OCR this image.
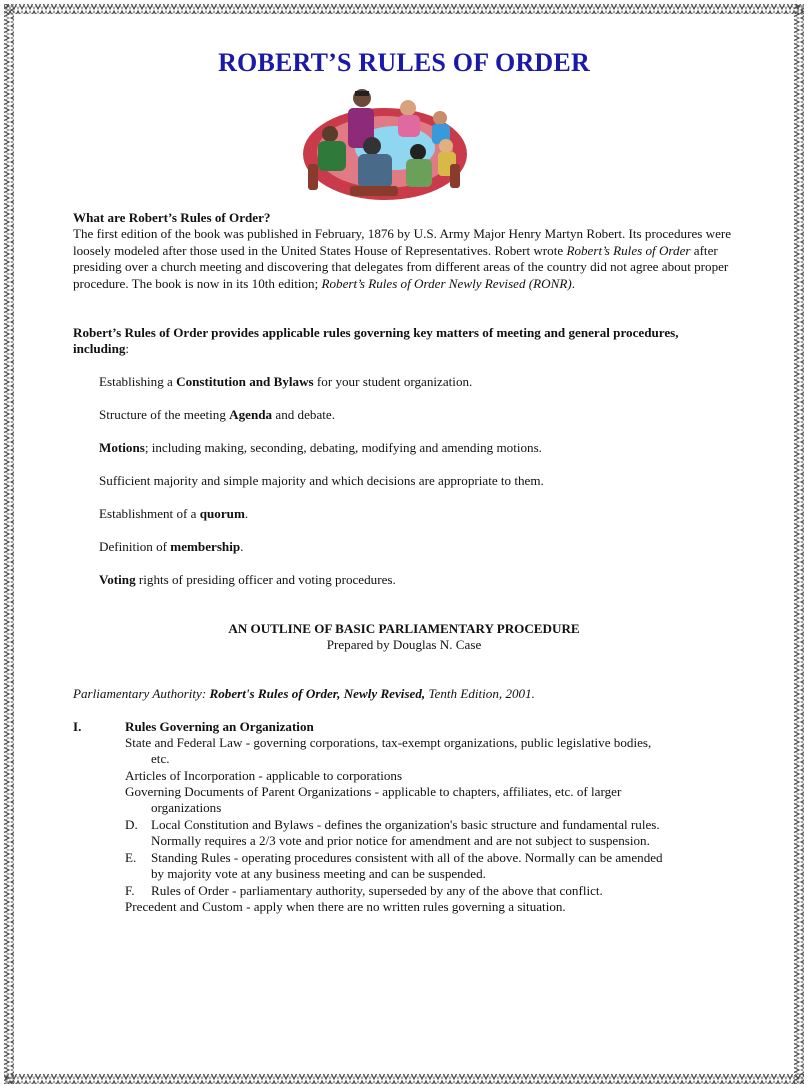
ROBERT’S RULES OF ORDER

What are Robert’s Rules of Order?

The first edition of the book was published in February, 1876 by U.S. Army Major Henry Martyn Robert. Its procedures were loosely modeled after those used in the United States House of Representatives. Robert wrote Robert’s Rules of Order after presiding over a church meeting and discovering that delegates from different areas of the country did not agree about proper procedure. The book is now in its 10th edition; Robert’s Rules of Order Newly Revised (RONR).

Robert’s Rules of Order provides applicable rules governing key matters of meeting and general procedures, including:
Establishing a Constitution and Bylaws for your student organization.
Structure of the meeting Agenda and debate.
Motions; including making, seconding, debating, modifying and amending motions.
Sufficient majority and simple majority and which decisions are appropriate to them.
Establishment of a quorum.
Definition of membership.
Voting rights of presiding officer and voting procedures.
AN OUTLINE OF BASIC PARLIAMENTARY PROCEDURE
Prepared by Douglas N. Case
Parliamentary Authority: Robert's Rules of Order, Newly Revised, Tenth Edition, 2001.
I.	Rules Governing an Organization
State and Federal Law - governing corporations, tax-exempt organizations, public legislative bodies,
etc.
Articles of Incorporation - applicable to corporations
Governing Documents of Parent Organizations - applicable to chapters, affiliates, etc. of larger
organizations
D. Local Constitution and Bylaws - defines the organization's basic structure and fundamental rules.
Normally requires a 2/3 vote and prior notice for amendment and are not subject to suspension.
E. Standing Rules - operating procedures consistent with all of the above. Normally can be amended
by majority vote at any business meeting and can be suspended.
F. Rules of Order - parliamentary authority, superseded by any of the above that conflict.
Precedent and Custom - apply when there are no written rules governing a situation.
